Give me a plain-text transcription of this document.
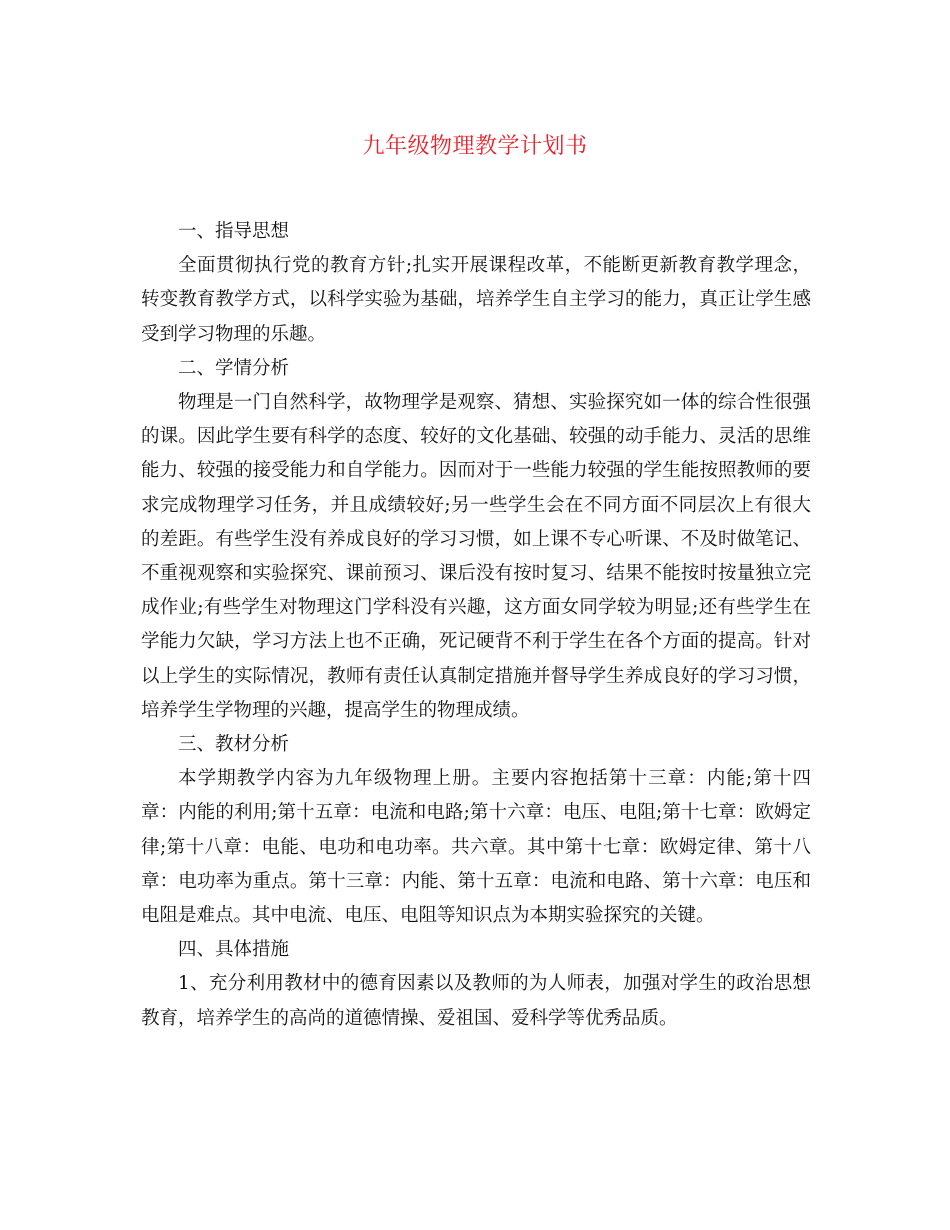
九年级物理教学计划书

一、指导思想

全面贯彻执行党的教育方针;扎实开展课程改革，不能断更新教育教学理念，转变教育教学方式，以科学实验为基础，培养学生自主学习的能力，真正让学生感受到学习物理的乐趣。

二、学情分析

物理是一门自然科学，故物理学是观察、猜想、实验探究如一体的综合性很强的课。因此学生要有科学的态度、较好的文化基础、较强的动手能力、灵活的思维能力、较强的接受能力和自学能力。因而对于一些能力较强的学生能按照教师的要求完成物理学习任务，并且成绩较好;另一些学生会在不同方面不同层次上有很大的差距。有些学生没有养成良好的学习习惯，如上课不专心听课、不及时做笔记、不重视观察和实验探究、课前预习、课后没有按时复习、结果不能按时按量独立完成作业;有些学生对物理这门学科没有兴趣，这方面女同学较为明显;还有些学生在学能力欠缺，学习方法上也不正确，死记硬背不利于学生在各个方面的提高。针对以上学生的实际情况，教师有责任认真制定措施并督导学生养成良好的学习习惯，培养学生学物理的兴趣，提高学生的物理成绩。

三、教材分析

本学期教学内容为九年级物理上册。主要内容抱括第十三章：内能;第十四章：内能的利用;第十五章：电流和电路;第十六章：电压、电阻;第十七章：欧姆定律;第十八章：电能、电功和电功率。共六章。其中第十七章：欧姆定律、第十八章：电功率为重点。第十三章：内能、第十五章：电流和电路、第十六章：电压和电阻是难点。其中电流、电压、电阻等知识点为本期实验探究的关键。

四、具体措施

1、充分利用教材中的德育因素以及教师的为人师表，加强对学生的政治思想教育，培养学生的高尚的道德情操、爱祖国、爱科学等优秀品质。
